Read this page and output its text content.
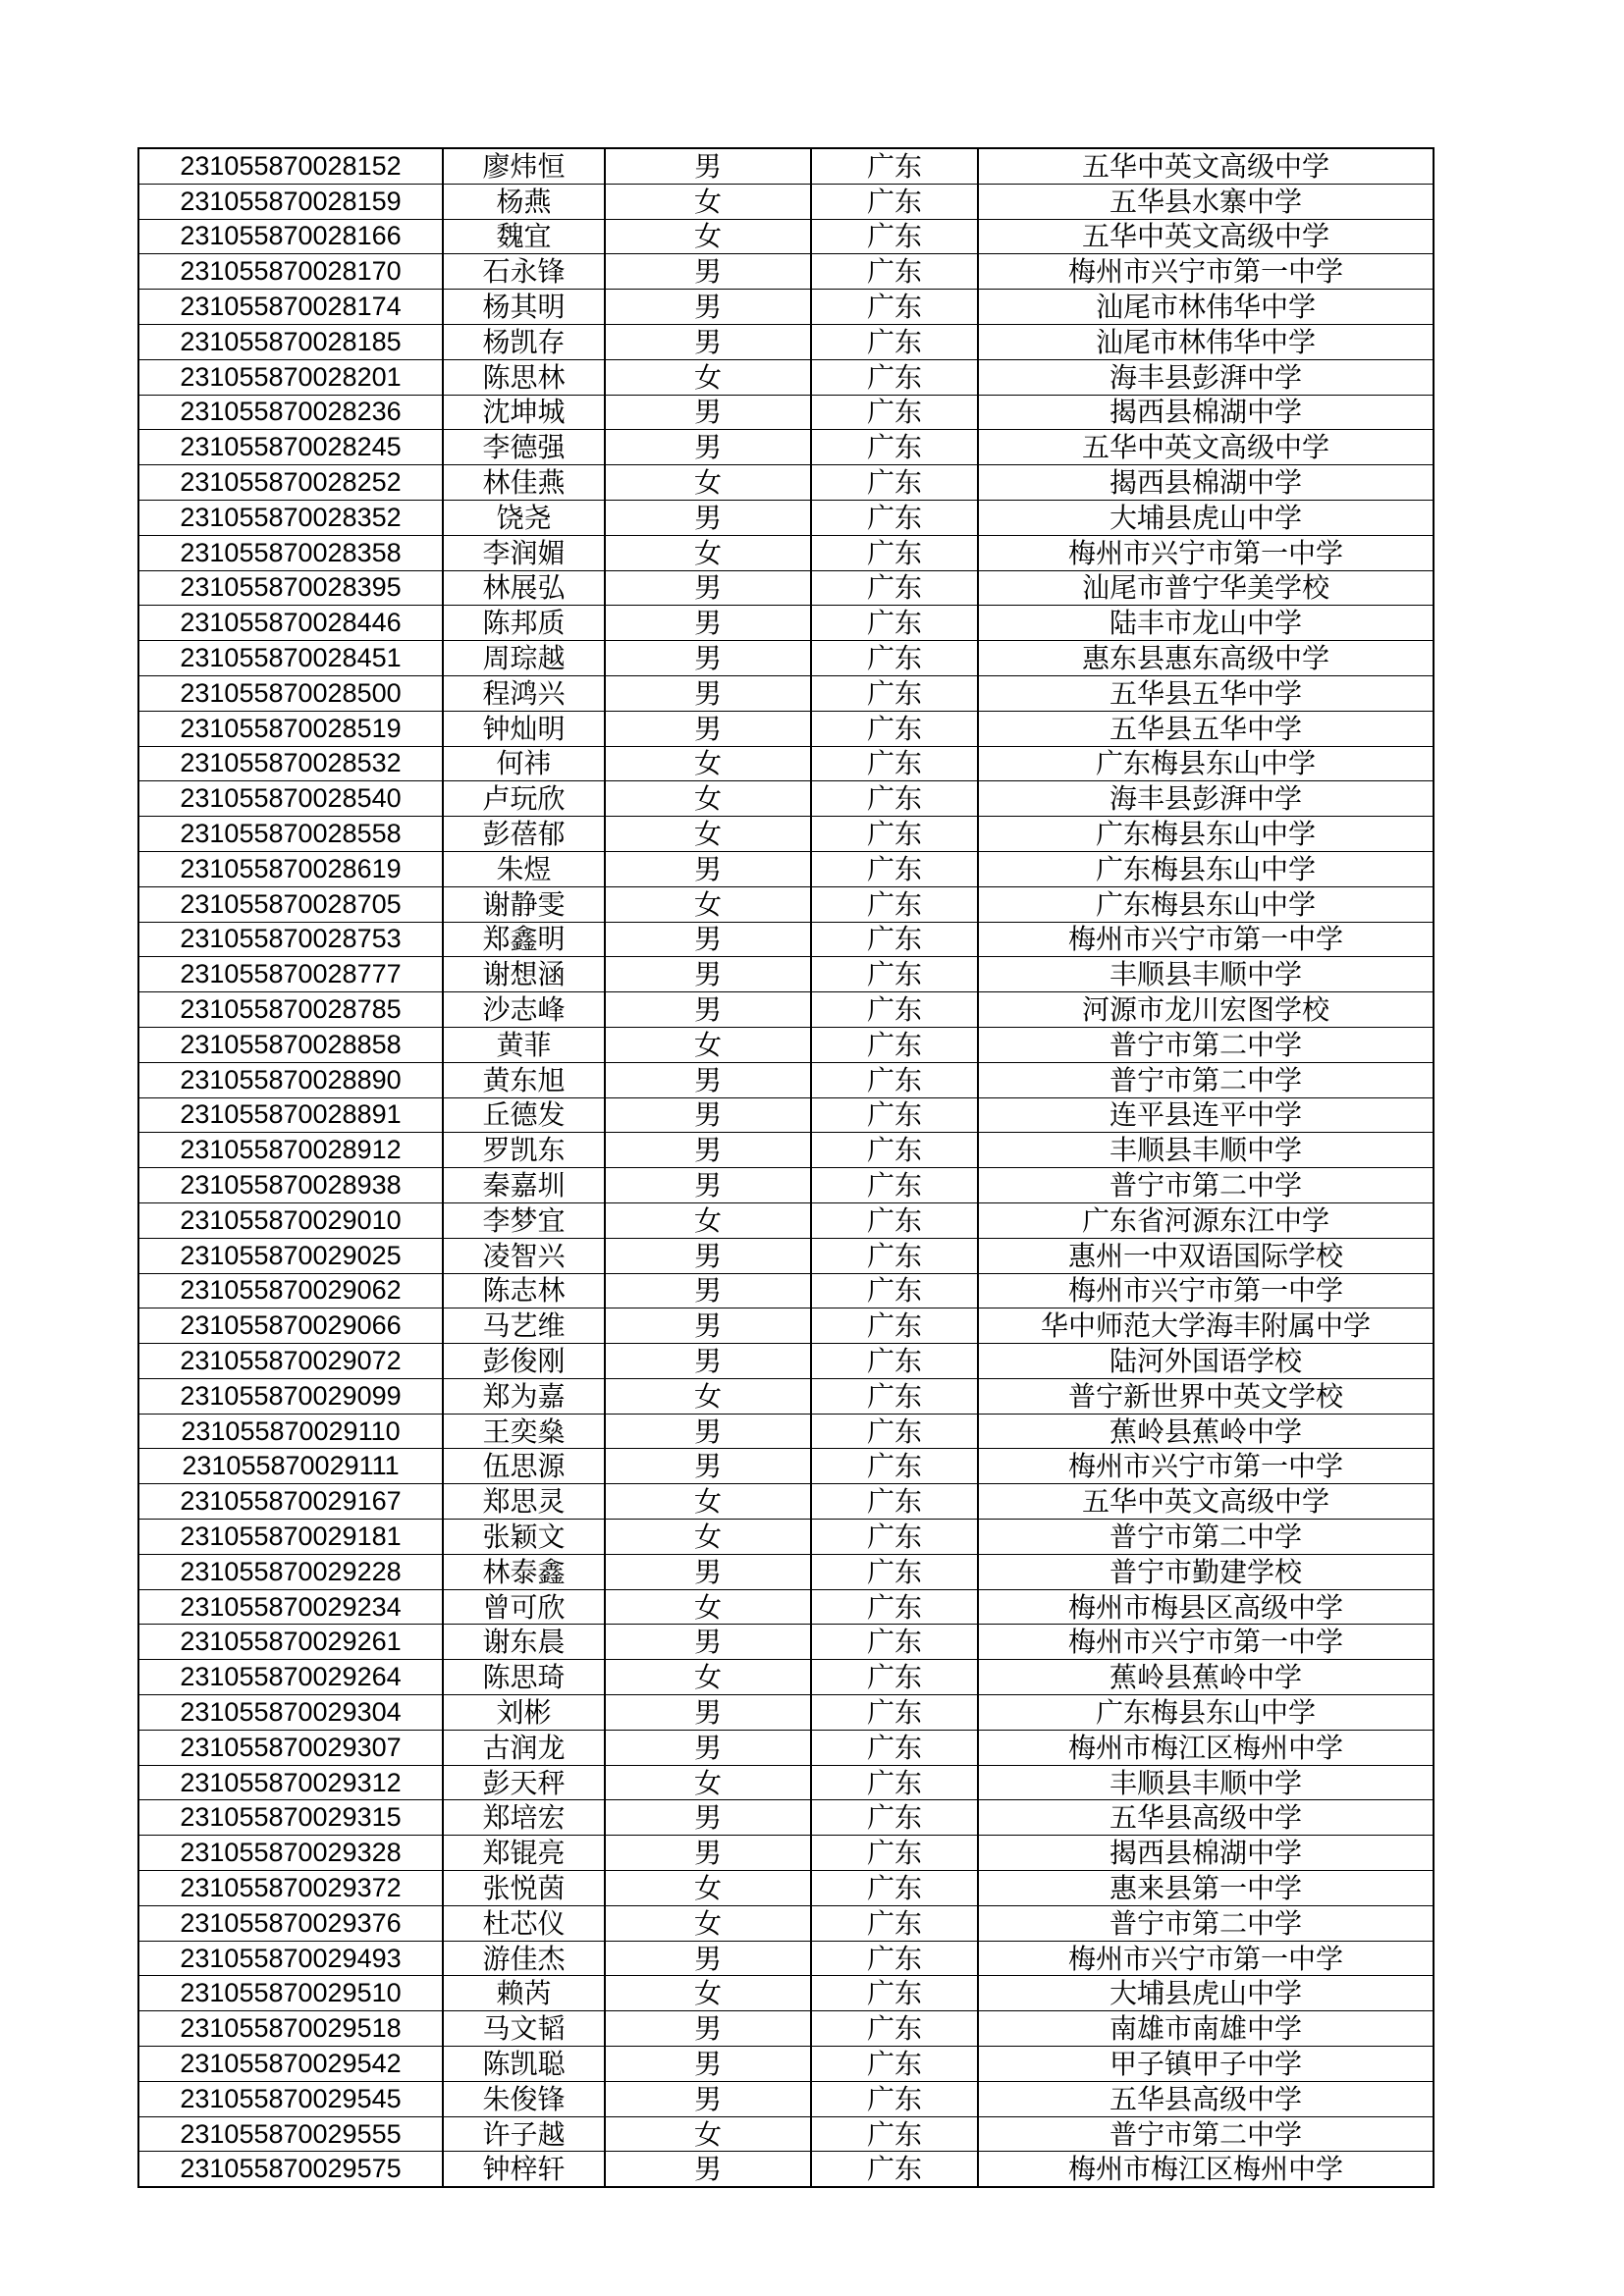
231055870028152	廖炜恒	男	广东	五华中英文高级中学
231055870028159	杨燕	女	广东	五华县水寨中学
231055870028166	魏宜	女	广东	五华中英文高级中学
231055870028170	石永锋	男	广东	梅州市兴宁市第一中学
231055870028174	杨其明	男	广东	汕尾市林伟华中学
231055870028185	杨凯存	男	广东	汕尾市林伟华中学
231055870028201	陈思林	女	广东	海丰县彭湃中学
231055870028236	沈坤城	男	广东	揭西县棉湖中学
231055870028245	李德强	男	广东	五华中英文高级中学
231055870028252	林佳燕	女	广东	揭西县棉湖中学
231055870028352	饶尧	男	广东	大埔县虎山中学
231055870028358	李润媚	女	广东	梅州市兴宁市第一中学
231055870028395	林展弘	男	广东	汕尾市普宁华美学校
231055870028446	陈邦质	男	广东	陆丰市龙山中学
231055870028451	周琮越	男	广东	惠东县惠东高级中学
231055870028500	程鸿兴	男	广东	五华县五华中学
231055870028519	钟灿明	男	广东	五华县五华中学
231055870028532	何祎	女	广东	广东梅县东山中学
231055870028540	卢玩欣	女	广东	海丰县彭湃中学
231055870028558	彭蓓郁	女	广东	广东梅县东山中学
231055870028619	朱煜	男	广东	广东梅县东山中学
231055870028705	谢静雯	女	广东	广东梅县东山中学
231055870028753	郑鑫明	男	广东	梅州市兴宁市第一中学
231055870028777	谢想涵	男	广东	丰顺县丰顺中学
231055870028785	沙志峰	男	广东	河源市龙川宏图学校
231055870028858	黄菲	女	广东	普宁市第二中学
231055870028890	黄东旭	男	广东	普宁市第二中学
231055870028891	丘德发	男	广东	连平县连平中学
231055870028912	罗凯东	男	广东	丰顺县丰顺中学
231055870028938	秦嘉圳	男	广东	普宁市第二中学
231055870029010	李梦宜	女	广东	广东省河源东江中学
231055870029025	凌智兴	男	广东	惠州一中双语国际学校
231055870029062	陈志林	男	广东	梅州市兴宁市第一中学
231055870029066	马艺维	男	广东	华中师范大学海丰附属中学
231055870029072	彭俊刚	男	广东	陆河外国语学校
231055870029099	郑为嘉	女	广东	普宁新世界中英文学校
231055870029110	王奕燊	男	广东	蕉岭县蕉岭中学
231055870029111	伍思源	男	广东	梅州市兴宁市第一中学
231055870029167	郑思灵	女	广东	五华中英文高级中学
231055870029181	张颖文	女	广东	普宁市第二中学
231055870029228	林泰鑫	男	广东	普宁市勤建学校
231055870029234	曾可欣	女	广东	梅州市梅县区高级中学
231055870029261	谢东晨	男	广东	梅州市兴宁市第一中学
231055870029264	陈思琦	女	广东	蕉岭县蕉岭中学
231055870029304	刘彬	男	广东	广东梅县东山中学
231055870029307	古润龙	男	广东	梅州市梅江区梅州中学
231055870029312	彭天秤	女	广东	丰顺县丰顺中学
231055870029315	郑培宏	男	广东	五华县高级中学
231055870029328	郑锟亮	男	广东	揭西县棉湖中学
231055870029372	张悦茵	女	广东	惠来县第一中学
231055870029376	杜芯仪	女	广东	普宁市第二中学
231055870029493	游佳杰	男	广东	梅州市兴宁市第一中学
231055870029510	赖芮	女	广东	大埔县虎山中学
231055870029518	马文韬	男	广东	南雄市南雄中学
231055870029542	陈凯聪	男	广东	甲子镇甲子中学
231055870029545	朱俊锋	男	广东	五华县高级中学
231055870029555	许子越	女	广东	普宁市第二中学
231055870029575	钟梓轩	男	广东	梅州市梅江区梅州中学
